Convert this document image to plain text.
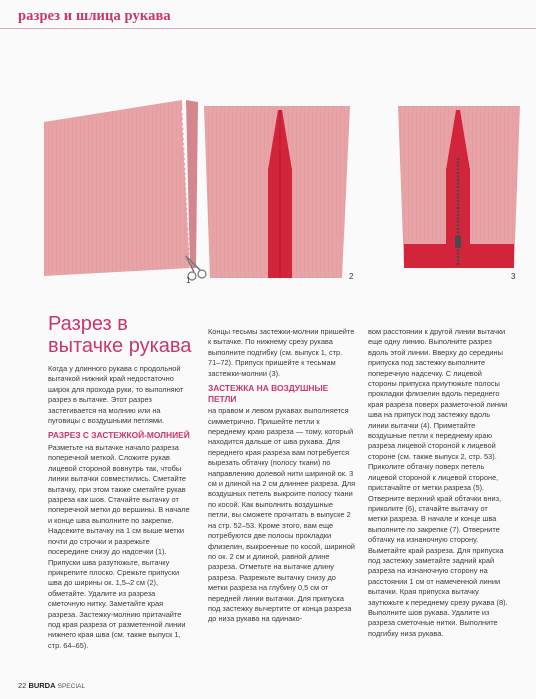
разрез и шлица рукава
1	2	3
Разрез в вытачке рукава

Когда у длинного рукава с продольной вытачкой нижний край недостаточно широк для прохода руки, то выполняют разрез в вытачке. Этот разрез застегивается на молнию или на пуговицы с воздушными петлями.

РАЗРЕЗ С ЗАСТЕЖКОЙ-МОЛНИЕЙ

Разметьте на вытачке начало разреза поперечной меткой. Сложите рукав лицевой стороной вовнутрь так, чтобы линии вытачки совместились. Сметайте вытачку, при этом также сметайте рукав разреза как шов. Стачайте вытачку от поперечной метки до вершины. В начале и конце шва выполните по закрепке. Надсеките вытачку на 1 см выше метки почти до строчки и разрежьте посередине снизу до надсечки (1). Припуски шва разутюжьте, вытачку прикрепите плоско. Срежьте припуски шва до ширины ок. 1,5–2 см (2), обметайте. Удалите из разреза сметочную нитку. Заметайте края разреза. Застежку-молнию притачайте под края разреза от разметенной линии нижнего края шва (см. также выпуск 1, стр. 64–65).

Концы тесьмы застежки-молнии пришейте к вытачке. По нижнему срезу рукава выполните подгибку (см. выпуск 1, стр. 71–72). Припуск пришейте к тесьмам застежки-молнии (3).

ЗАСТЕЖКА НА ВОЗДУШНЫЕ ПЕТЛИ

на правом и левом рукавах выполняется симметрично. Пришейте петли к переднему краю разреза — тому, который находится дальше от шва рукава. Для переднего края разреза вам потребуется вырезать обтачку (полосу ткани) по направлению долевой нити шириной ок. 3 см и длиной на 2 см длиннее разреза. Для воздушных петель выкроите полосу ткани по косой. Как выполнить воздушные петли, вы сможете прочитать в выпуске 2 на стр. 52–53. Кроме этого, вам еще потребуются две полосы прокладки флизелин, выкроенные по косой, шириной по ок. 2 см и длиной, равной длине разреза. Отметьте на вытачке длину разреза. Разрежьте вытачку снизу до метки разреза на глубину 0,5 см от передней линии вытачки. Для припуска под застежку вычертите от конца разреза до низа рукава на одинако-

вом расстоянии к другой линии вытачки еще одну линию. Выполните разрез вдоль этой линии. Вверху до середины припуска под застежку выполните поперечную надсечку. С лицевой стороны припуска приутюжьте полосы прокладки флизелин вдоль переднего края разреза поверх разметочной линии шва на припуск под застежку вдоль линии вытачки (4). Приметайте воздушные петли к переднему краю разреза лицевой стороной к лицевой стороне (см. также выпуск 2, стр. 53). Приколите обтачку поверх петель лицевой стороной к лицевой стороне, пристачайте от метки разреза (5). Отверните верхний край обтачки вниз, приколите (6), стачайте вытачку от метки разреза. В начале и конце шва выполните по закрепке (7). Отверните обтачку на изнаночную сторону. Выметайте край разреза. Для припуска под застежку заметайте задний край разреза на изнаночную сторону на расстоянии 1 см от намеченной линии вытачки. Края припуска вытачку заутюжьте к переднему срезу рукава (8). Выполните шов рукава. Удалите из разреза сметочные нитки. Выполните подгибку низа рукава.

22 BURDA SPECIAL
